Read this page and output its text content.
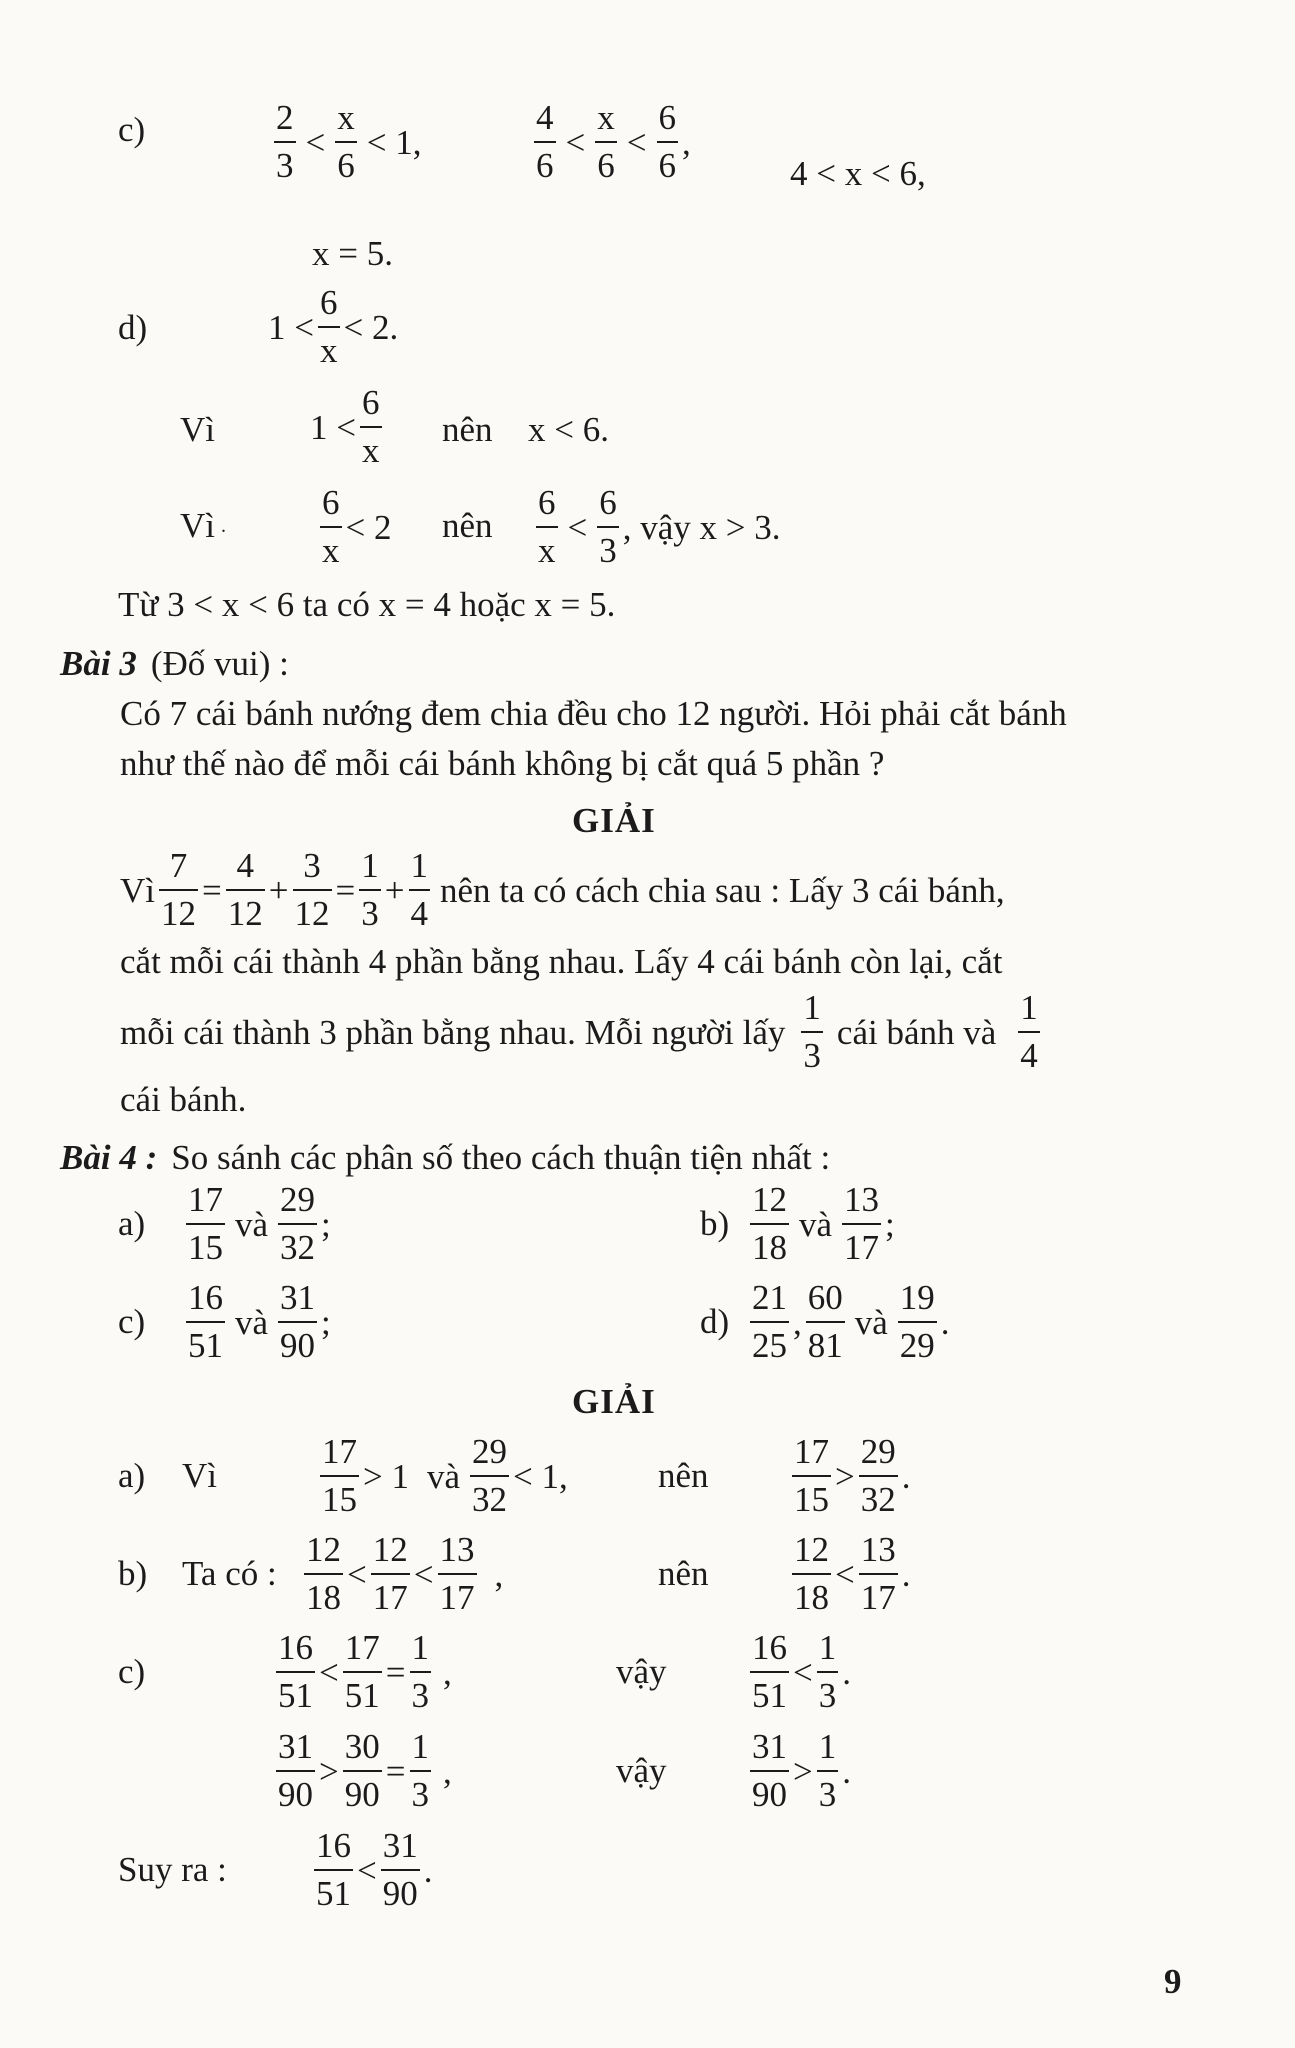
c)	2
3
<
x
6
< 1,
4
6
<
x
6
<
6
6
,
4 < x < 6,
x = 5.
d)	1 <
6
x
< 2.
Vì	1 <
6
x
nên x < 6.
Vì .
6
x
< 2 nên
6
x
<
6
3
, vậy x > 3.
Từ 3 < x < 6 ta có x = 4 hoặc x = 5.
Bài 3 (Đố vui) :
Có 7 cái bánh nướng đem chia đều cho 12 người. Hỏi phải cắt bánh
như thế nào để mỗi cái bánh không bị cắt quá 5 phần ?
GIẢI
Vì
7
12
=
4
12
+
3
12
=
1
3
+
1
4
nên ta có cách chia sau : Lấy 3 cái bánh,
cắt mỗi cái thành 4 phần bằng nhau. Lấy 4 cái bánh còn lại, cắt
mỗi cái thành 3 phần bằng nhau. Mỗi người lấy
1
3
cái bánh và
1
4
cái bánh.
Bài 4 : So sánh các phân số theo cách thuận tiện nhất :
a)
17
15
và
29
32
;	b)
12
18
và
13
17
;
c)
16
51
và
31
90
;	d)
21
25
,
60
81
và
19
29
.
GIẢI
a) Vì
17
15
> 1 và
29
32
< 1,	nên
17
15
>
29
32
.
b) Ta có :
12
18
<
12
17
<
13
17
,	nên
12
18
<
13
17
.
c)
16
51
<
17
51
=
1
3
,	vậy
16
51
<
1
3
.
31
90
>
30
90
=
1
3
,	vậy
31
90
>
1
3
.
Suy ra :
16
51
<
31
90
.
9
